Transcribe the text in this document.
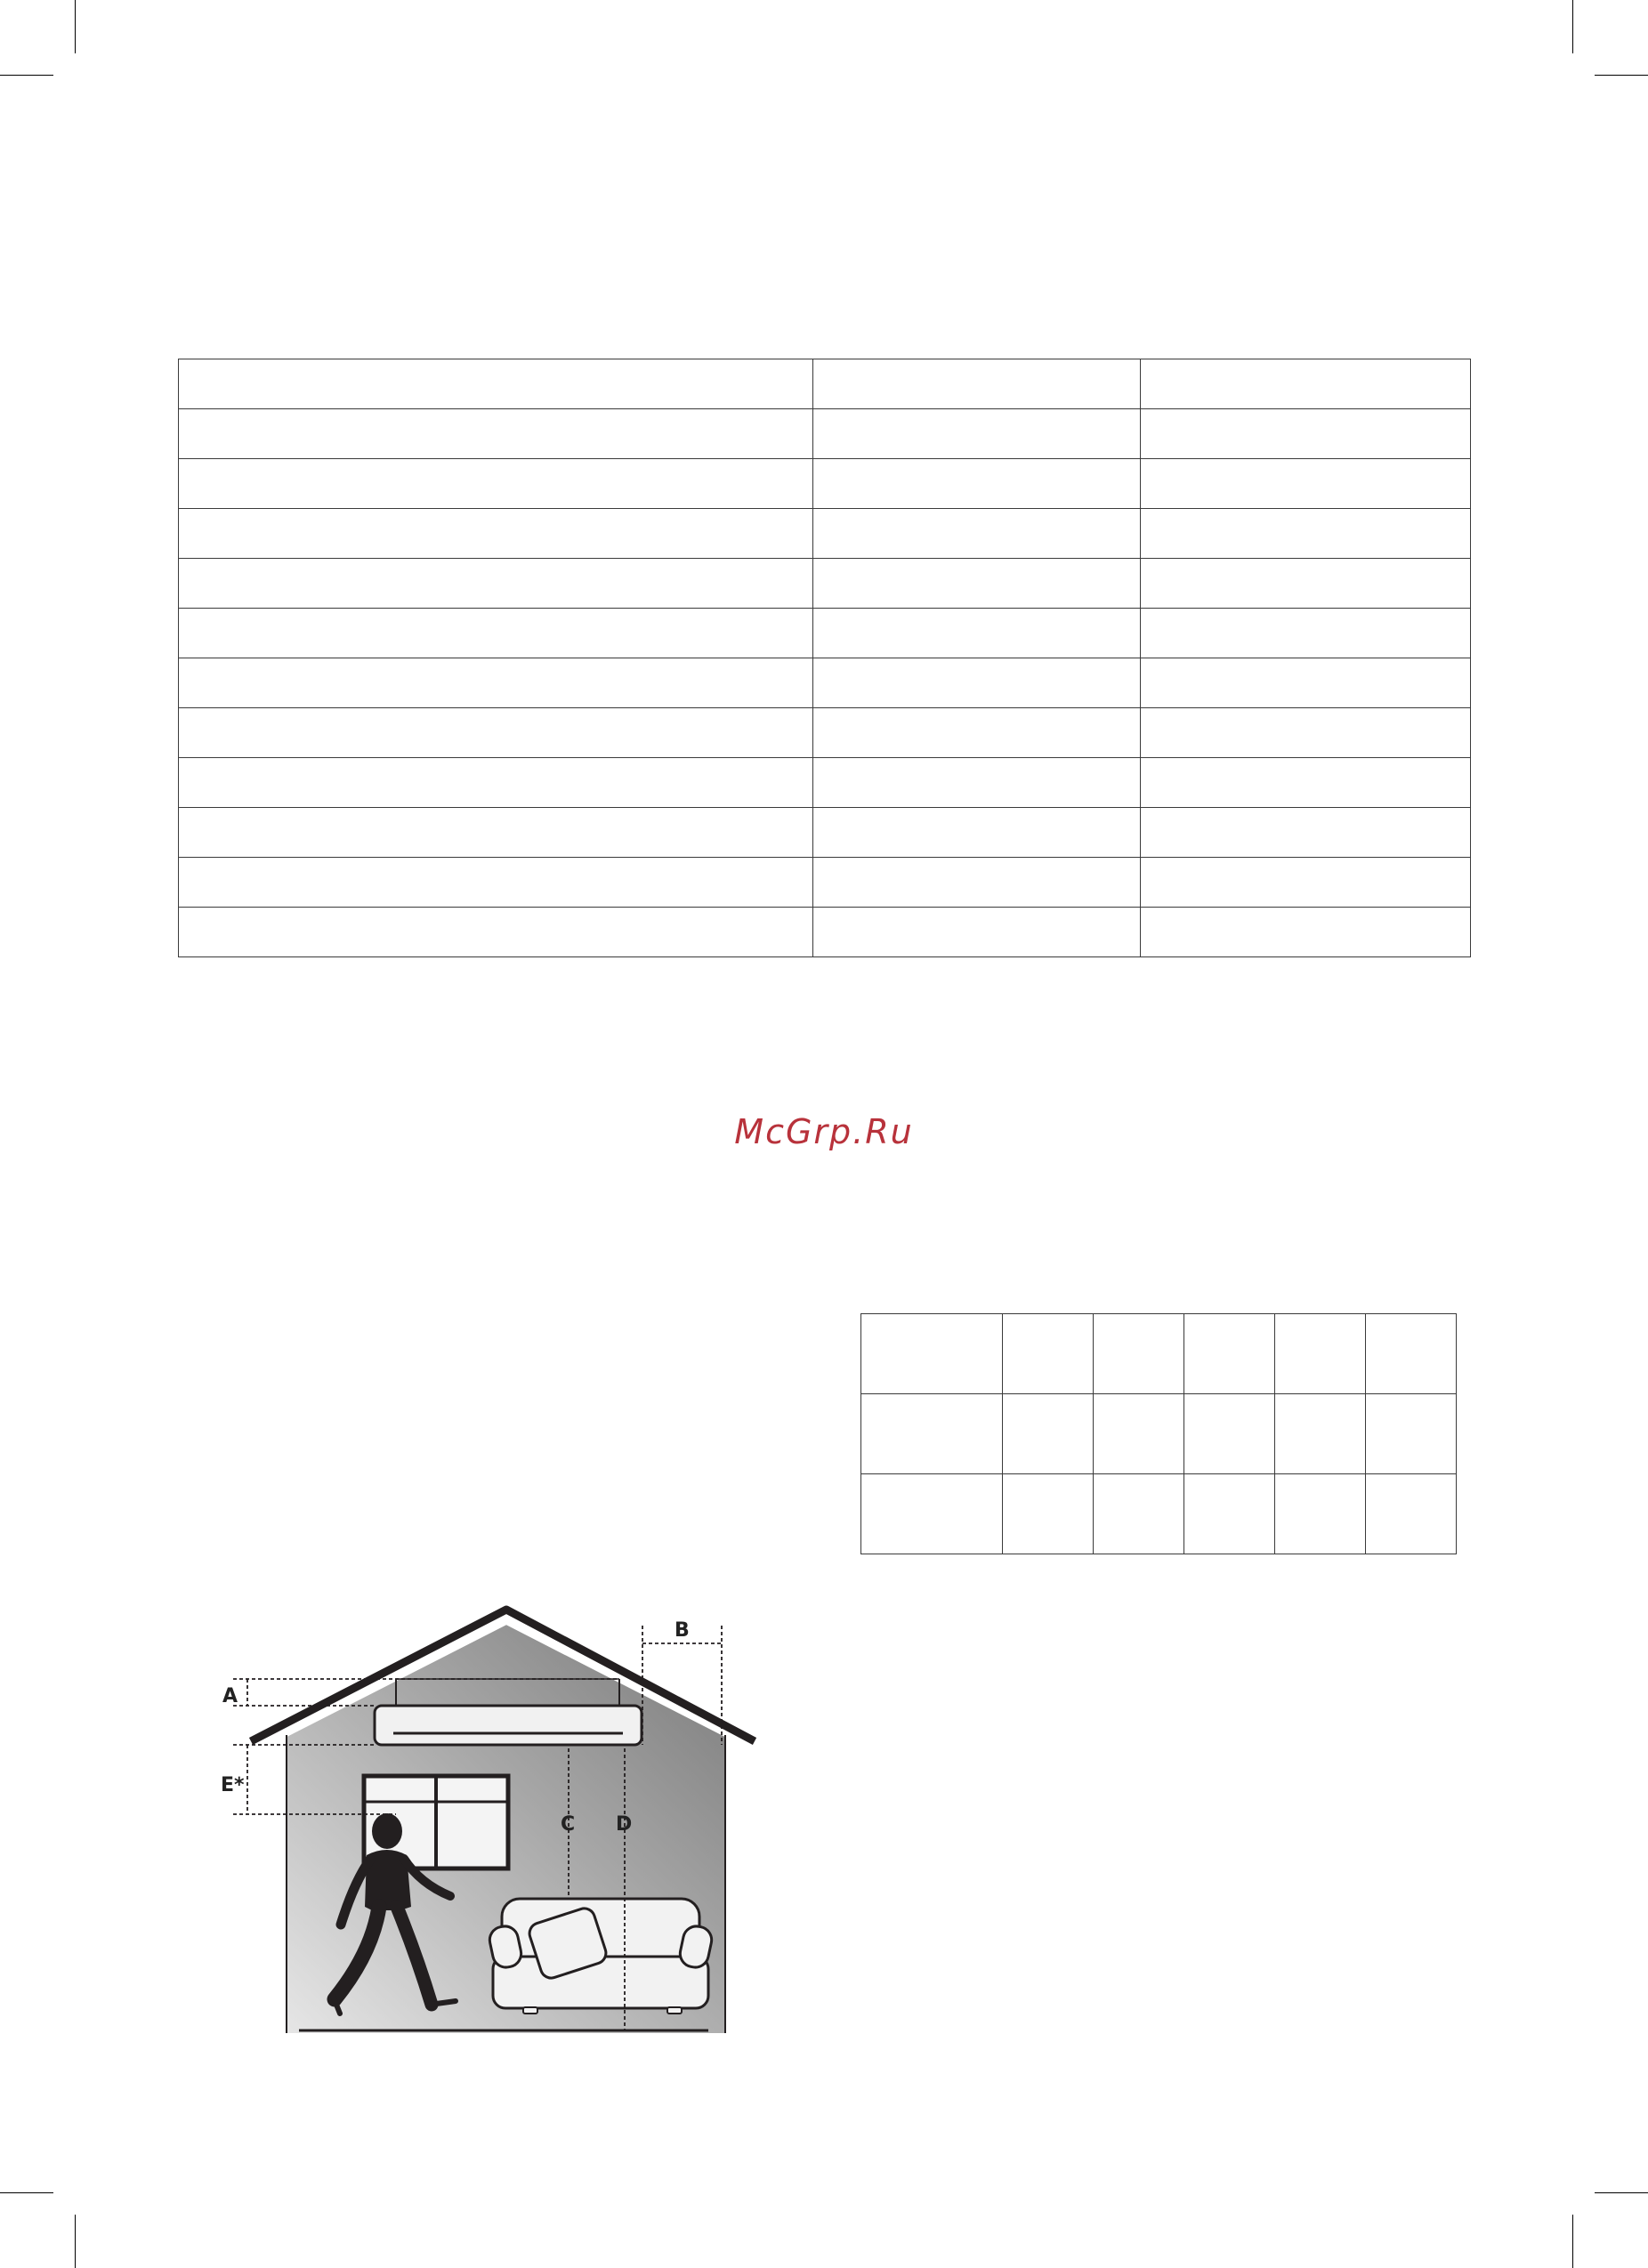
McGrp.Ru

A
B
C D
E*
